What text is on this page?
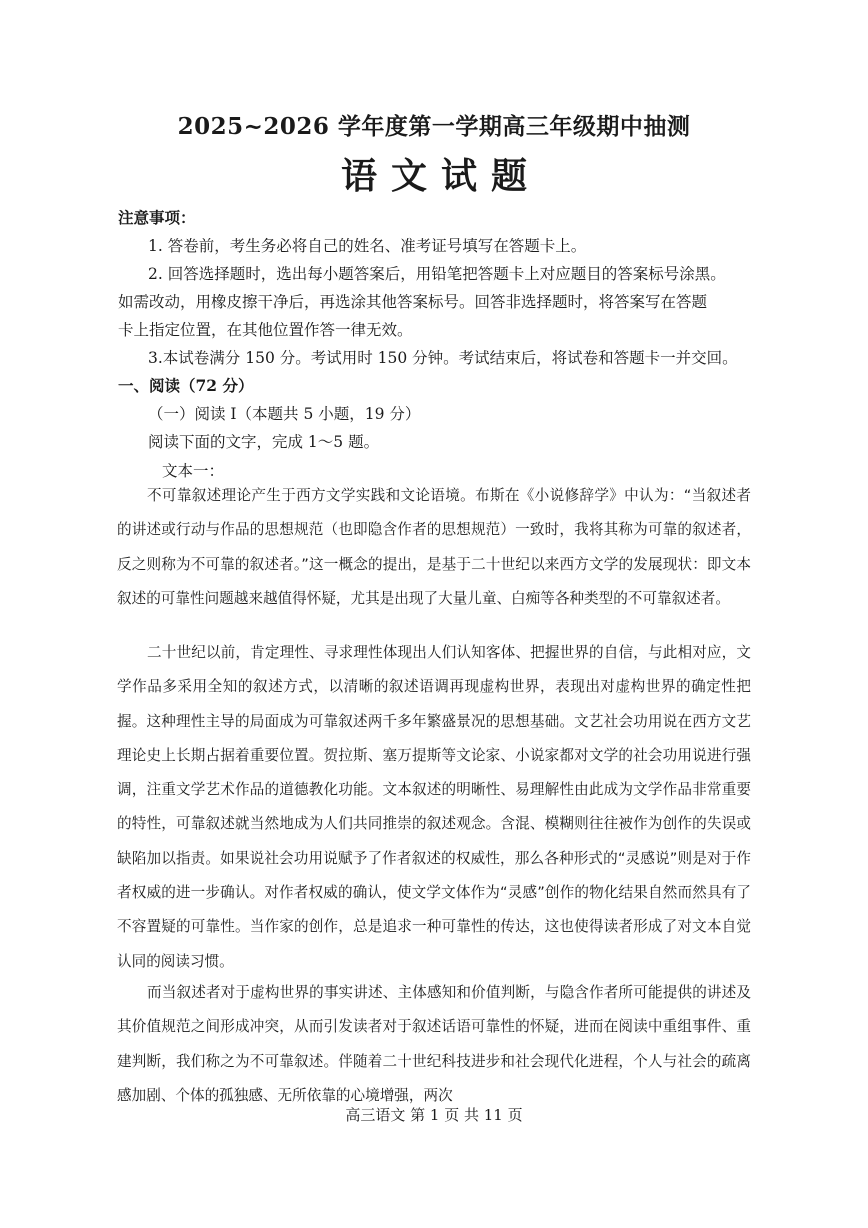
2025~2026 学年度第一学期高三年级期中抽测
语文试题
注意事项：
1. 答卷前，考生务必将自己的姓名、准考证号填写在答题卡上。
2. 回答选择题时，选出每小题答案后，用铅笔把答题卡上对应题目的答案标号涂黑。
如需改动，用橡皮擦干净后，再选涂其他答案标号。回答非选择题时，将答案写在答题
卡上指定位置，在其他位置作答一律无效。
3.本试卷满分 150 分。考试用时 150 分钟。考试结束后，将试卷和答题卡一并交回。
一、阅读（72 分）
（一）阅读 I（本题共 5 小题，19 分）
阅读下面的文字，完成 1～5 题。
文本一：

不可靠叙述理论产生于西方文学实践和文论语境。布斯在《小说修辞学》中认为：“当叙述者的讲述或行动与作品的思想规范（也即隐含作者的思想规范）一致时，我将其称为可靠的叙述者，反之则称为不可靠的叙述者。”这一概念的提出，是基于二十世纪以来西方文学的发展现状：即文本叙述的可靠性问题越来越值得怀疑，尤其是出现了大量儿童、白痴等各种类型的不可靠叙述者。

二十世纪以前，肯定理性、寻求理性体现出人们认知客体、把握世界的自信，与此相对应，文学作品多采用全知的叙述方式，以清晰的叙述语调再现虚构世界，表现出对虚构世界的确定性把握。这种理性主导的局面成为可靠叙述两千多年繁盛景况的思想基础。文艺社会功用说在西方文艺理论史上长期占据着重要位置。贺拉斯、塞万提斯等文论家、小说家都对文学的社会功用说进行强调，注重文学艺术作品的道德教化功能。文本叙述的明晰性、易理解性由此成为文学作品非常重要的特性，可靠叙述就当然地成为人们共同推崇的叙述观念。含混、模糊则往往被作为创作的失误或缺陷加以指责。如果说社会功用说赋予了作者叙述的权威性，那么各种形式的“灵感说”则是对于作者权威的进一步确认。对作者权威的确认，使文学文体作为“灵感”创作的物化结果自然而然具有了不容置疑的可靠性。当作家的创作，总是追求一种可靠性的传达，这也使得读者形成了对文本自觉认同的阅读习惯。

而当叙述者对于虚构世界的事实讲述、主体感知和价值判断，与隐含作者所可能提供的讲述及其价值规范之间形成冲突，从而引发读者对于叙述话语可靠性的怀疑，进而在阅读中重组事件、重建判断，我们称之为不可靠叙述。伴随着二十世纪科技进步和社会现代化进程，个人与社会的疏离感加剧、个体的孤独感、无所依靠的心境增强，两次

高三语文 第 1 页 共 11 页
